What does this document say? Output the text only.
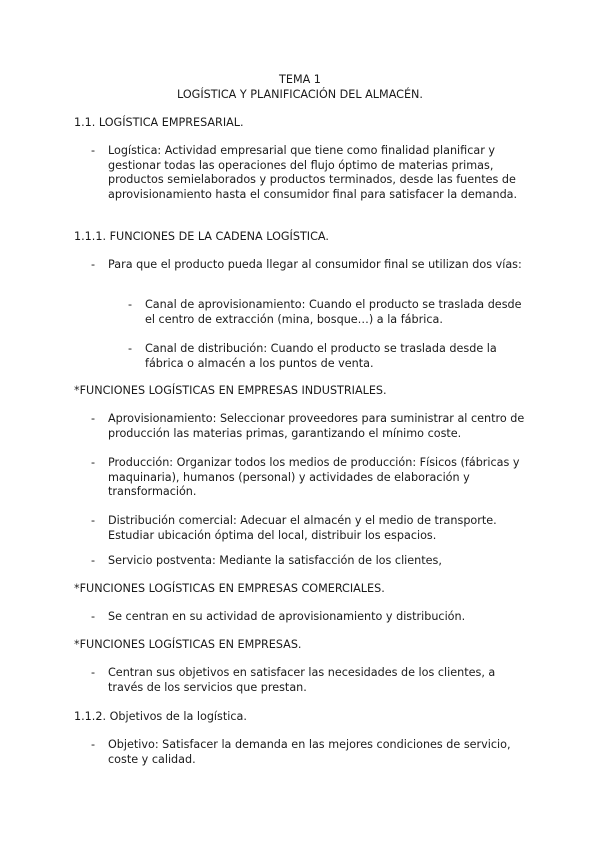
TEMA 1
LOGÍSTICA Y PLANIFICACIÓN DEL ALMACÉN.
1.1. LOGÍSTICA EMPRESARIAL.
- Logística: Actividad empresarial que tiene como finalidad planificar y gestionar todas las operaciones del flujo óptimo de materias primas, productos semielaborados y productos terminados, desde las fuentes de aprovisionamiento hasta el consumidor final para satisfacer la demanda.
1.1.1. FUNCIONES DE LA CADENA LOGÍSTICA.
- Para que el producto pueda llegar al consumidor final se utilizan dos vías:
- Canal de aprovisionamiento: Cuando el producto se traslada desde el centro de extracción (mina, bosque…) a la fábrica.
- Canal de distribución: Cuando el producto se traslada desde la fábrica o almacén a los puntos de venta.
*FUNCIONES LOGÍSTICAS EN EMPRESAS INDUSTRIALES.
- Aprovisionamiento: Seleccionar proveedores para suministrar al centro de producción las materias primas, garantizando el mínimo coste.
- Producción: Organizar todos los medios de producción: Físicos (fábricas y maquinaria), humanos (personal) y actividades de elaboración y transformación.
- Distribución comercial: Adecuar el almacén y el medio de transporte. Estudiar ubicación óptima del local, distribuir los espacios.
- Servicio postventa: Mediante la satisfacción de los clientes,
*FUNCIONES LOGÍSTICAS EN EMPRESAS COMERCIALES.
- Se centran en su actividad de aprovisionamiento y distribución.
*FUNCIONES LOGÍSTICAS EN EMPRESAS.
- Centran sus objetivos en satisfacer las necesidades de los clientes, a través de los servicios que prestan.
1.1.2. Objetivos de la logística.
- Objetivo: Satisfacer la demanda en las mejores condiciones de servicio, coste y calidad.
